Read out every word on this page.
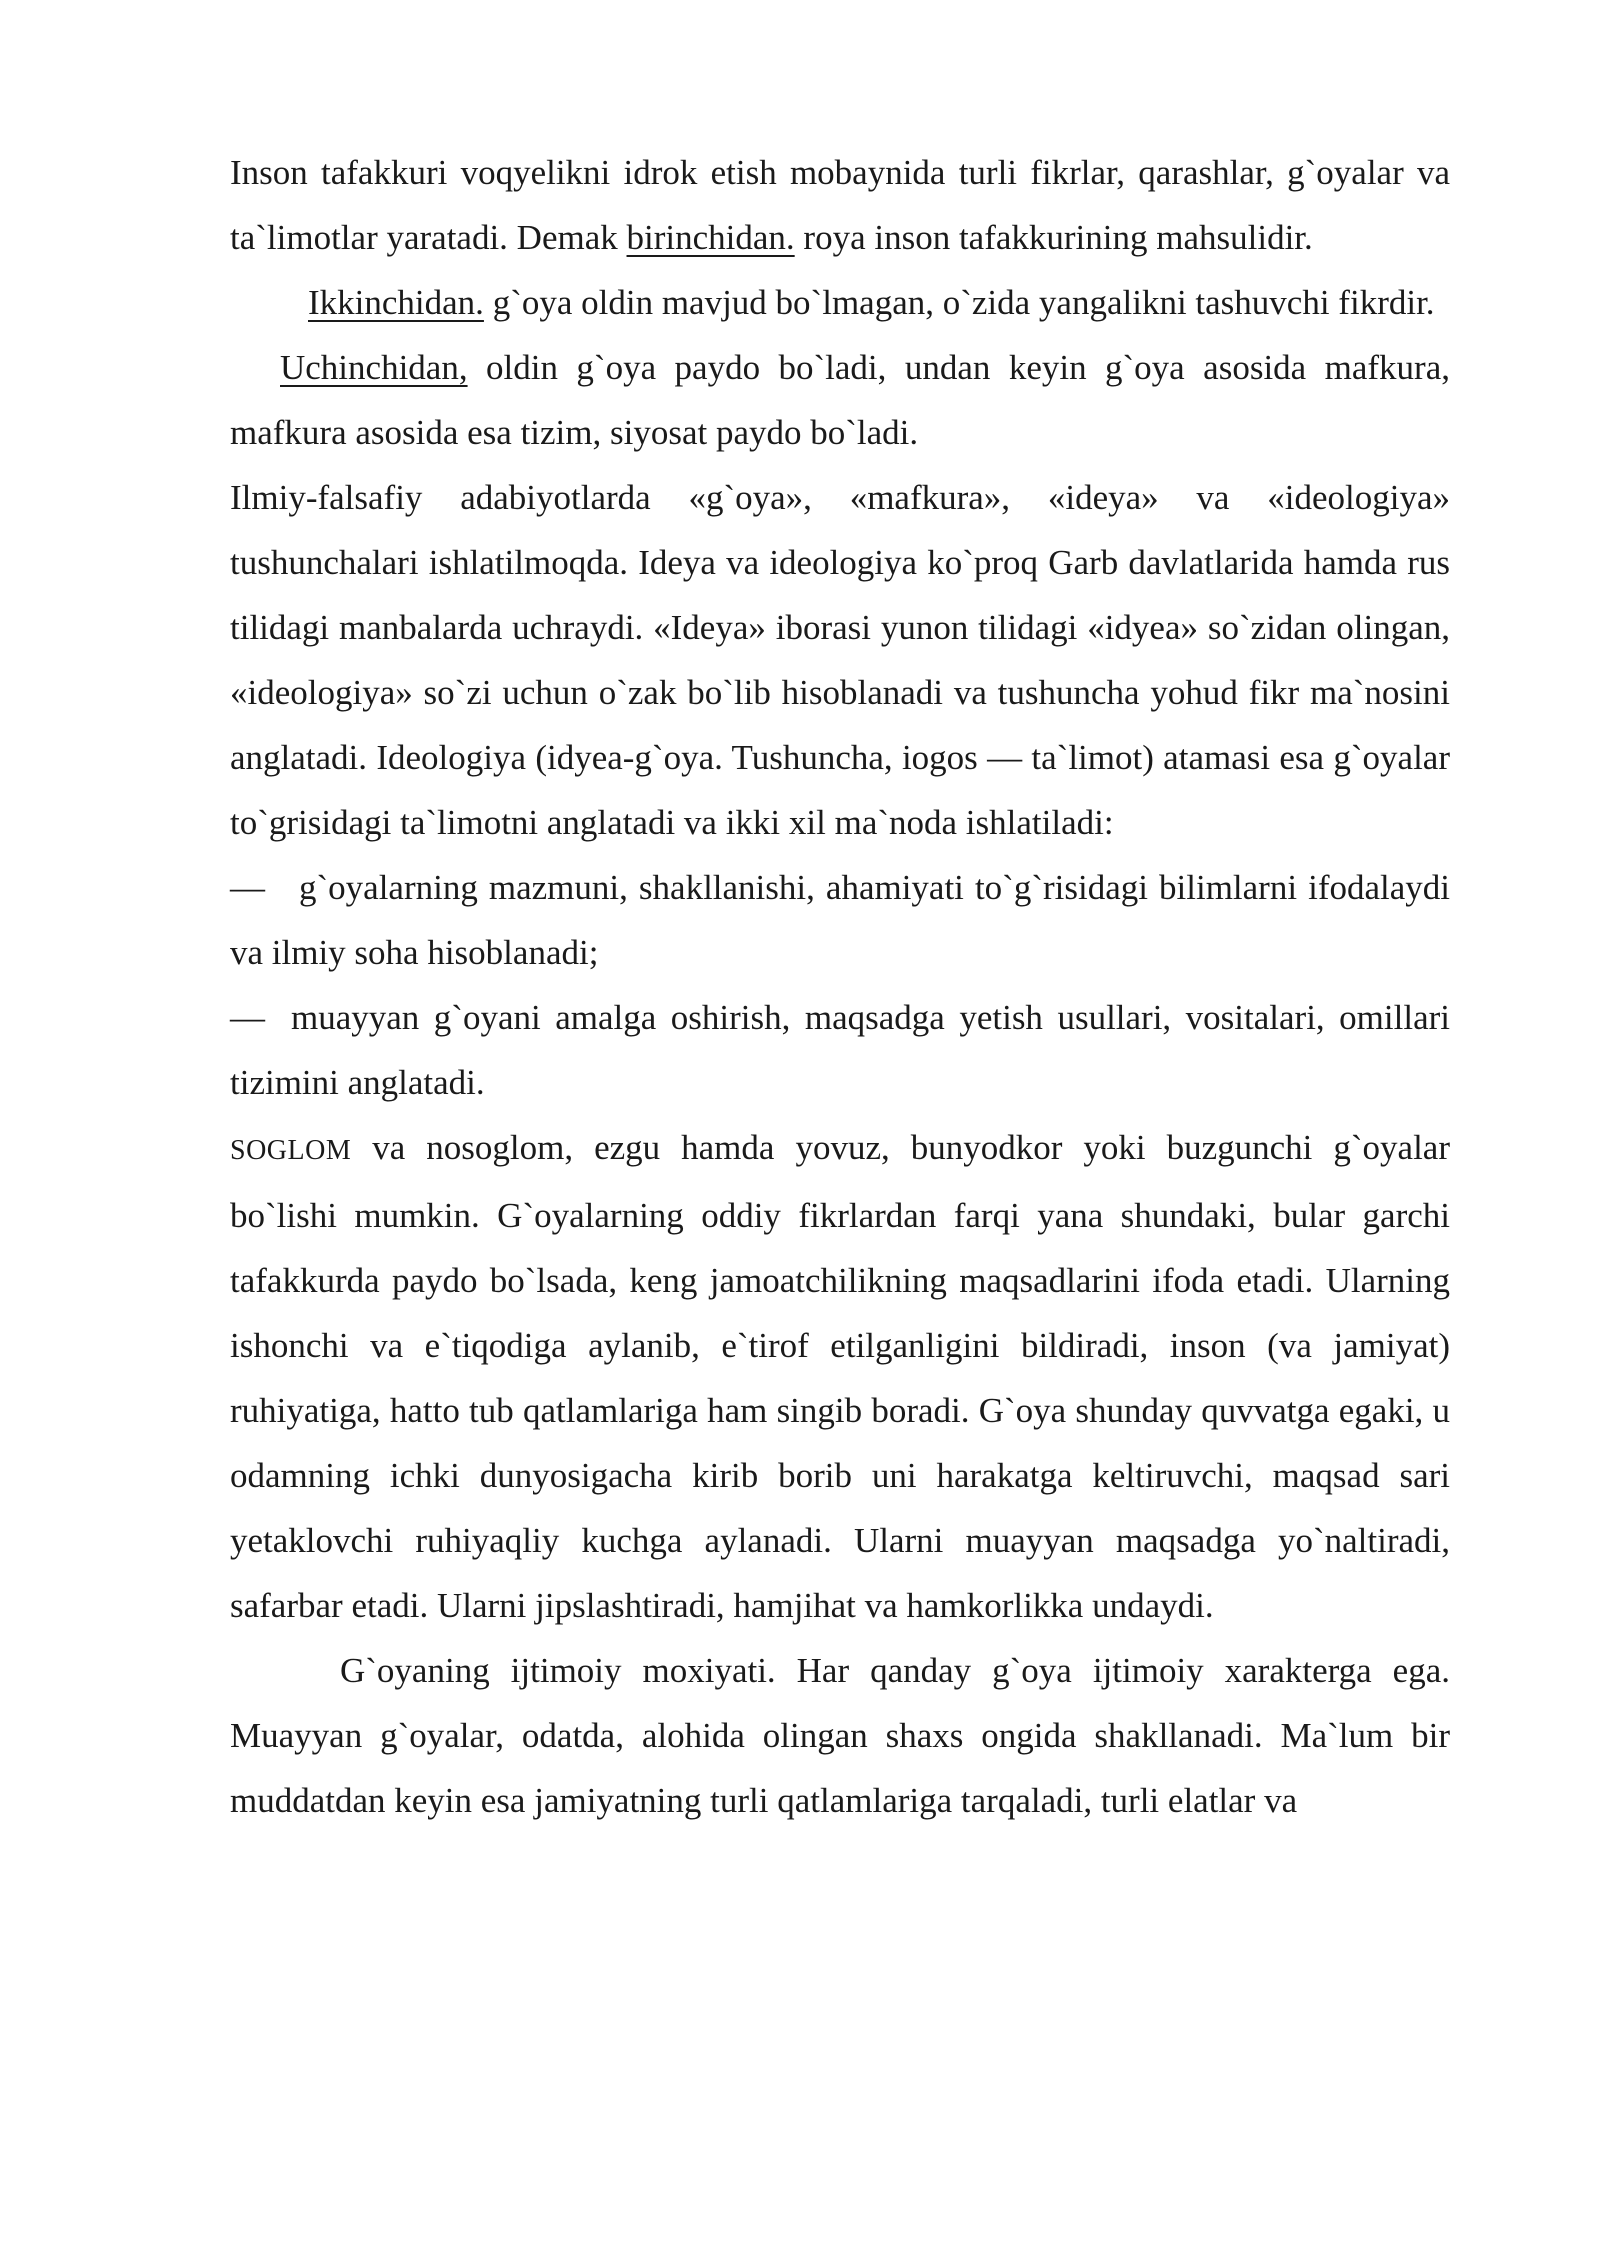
Inson tafakkuri voqyelikni idrok etish mobaynida turli fikrlar, qarashlar, g`oyalar va ta`limotlar yaratadi. Demak birinchidan. roya inson tafakkurining mahsulidir.

Ikkinchidan. g`oya oldin mavjud bo`lmagan, o`zida yangalikni tashuvchi fikrdir.

Uchinchidan, oldin g`oya paydo bo`ladi, undan keyin g`oya asosida mafkura, mafkura asosida esa tizim, siyosat paydo bo`ladi.

Ilmiy-falsafiy adabiyotlarda «g`oya», «mafkura», «ideya» va «ideologiya» tushunchalari ishlatilmoqda. Ideya va ideologiya ko`proq Garb davlatlarida hamda rus tilidagi manbalarda uchraydi. «Ideya» iborasi yunon tilidagi «idyea» so`zidan olingan, «ideologiya» so`zi uchun o`zak bo`lib hisoblanadi va tushuncha yohud fikr ma`nosini anglatadi. Ideologiya (idyea-g`oya. Tushuncha, iogos — ta`limot) atamasi esa g`oyalar to`grisidagi ta`limotni anglatadi va ikki xil ma`noda ishlatiladi:

— g`oyalarning mazmuni, shakllanishi, ahamiyati to`g`risidagi bilimlarni ifodalaydi va ilmiy soha hisoblanadi;

— muayyan g`oyani amalga oshirish, maqsadga yetish usullari, vositalari, omillari tizimini anglatadi.

SOGLOM va nosoglom, ezgu hamda yovuz, bunyodkor yoki buzgunchi g`oyalar bo`lishi mumkin. G`oyalarning oddiy fikrlardan farqi yana shundaki, bular garchi tafakkurda paydo bo`lsada, keng jamoatchilikning maqsadlarini ifoda etadi. Ularning ishonchi va e`tiqodiga aylanib, e`tirof etilganligini bildiradi, inson (va jamiyat) ruhiyatiga, hatto tub qatlamlariga ham singib boradi. G`oya shunday quvvatga egaki, u odamning ichki dunyosigacha kirib borib uni harakatga keltiruvchi, maqsad sari yetaklovchi ruhiyaqliy kuchga aylanadi. Ularni muayyan maqsadga yo`naltiradi, safarbar etadi. Ularni jipslashtiradi, hamjihat va hamkorlikka undaydi.

G`oyaning ijtimoiy moxiyati. Har qanday g`oya ijtimoiy xarakterga ega. Muayyan g`oyalar, odatda, alohida olingan shaxs ongida shakllanadi. Ma`lum bir muddatdan keyin esa jamiyatning turli qatlamlariga tarqaladi, turli elatlar va
